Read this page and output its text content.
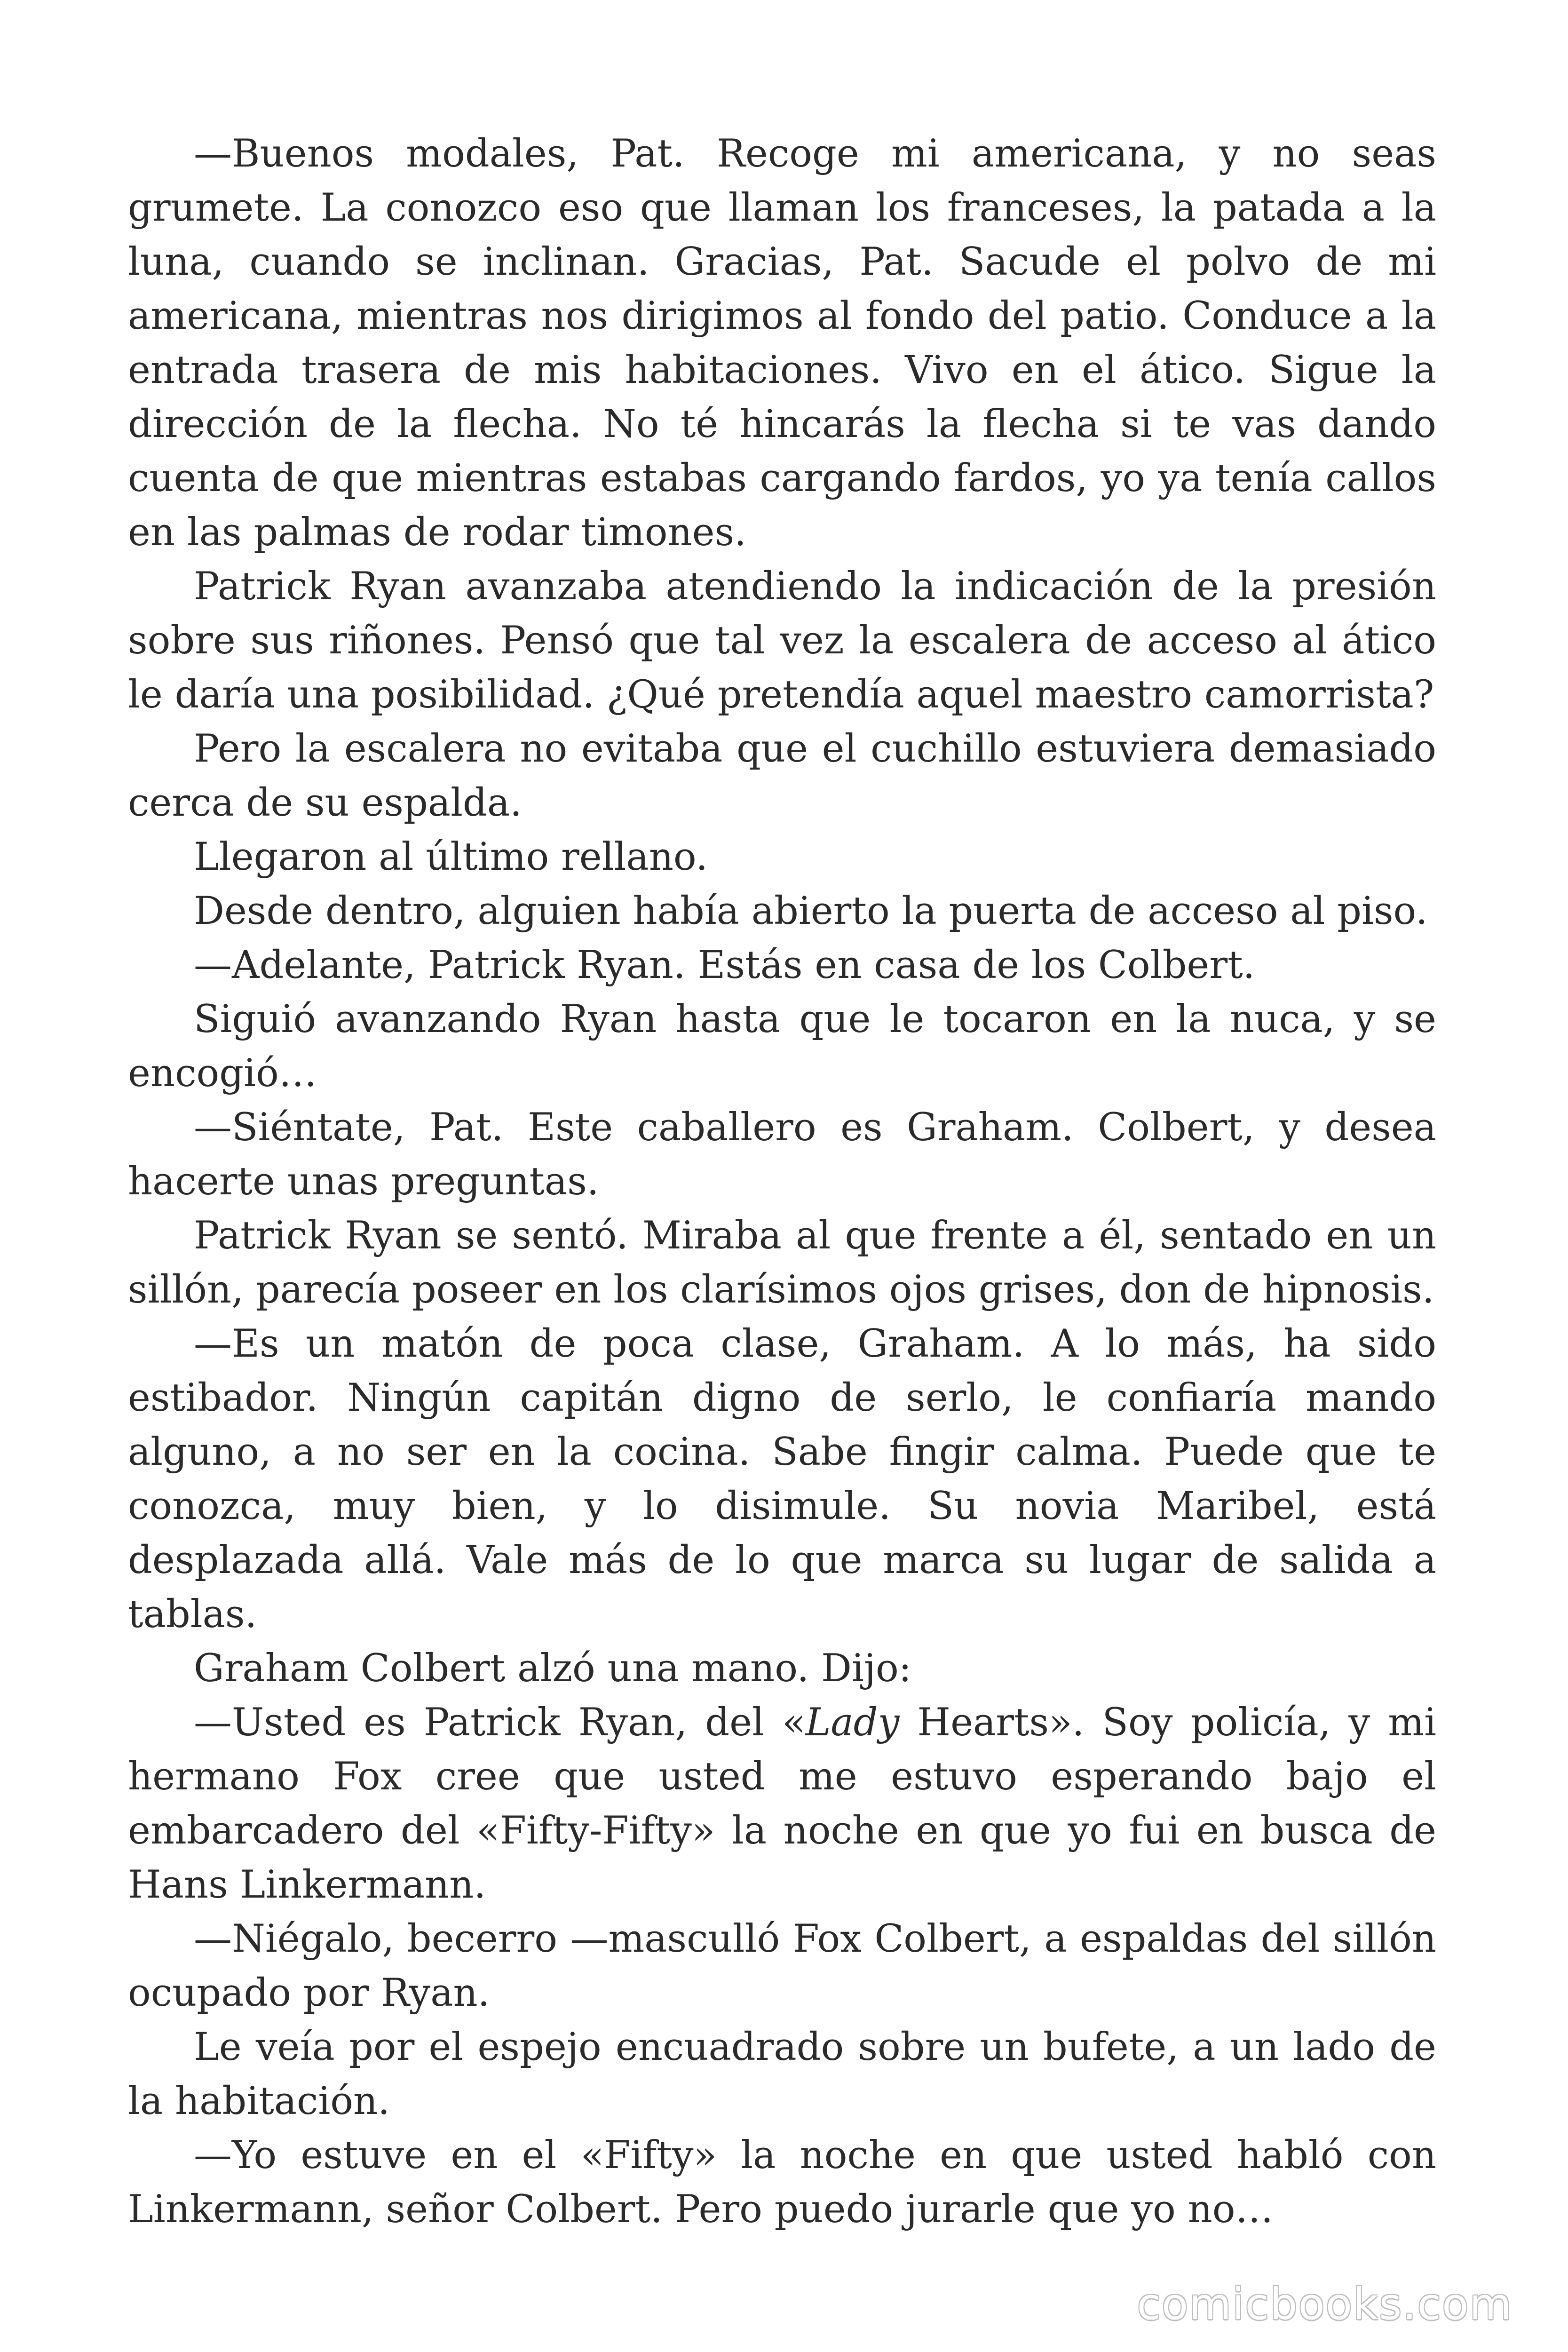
—Buenos modales, Pat. Recoge mi americana, y no seas grumete. La conozco eso que llaman los franceses, la patada a la luna, cuando se inclinan. Gracias, Pat. Sacude el polvo de mi americana, mientras nos dirigimos al fondo del patio. Conduce a la entrada trasera de mis habitaciones. Vivo en el ático. Sigue la dirección de la flecha. No té hincarás la flecha si te vas dando cuenta de que mientras estabas cargando fardos, yo ya tenía callos en las palmas de rodar timones.

Patrick Ryan avanzaba atendiendo la indicación de la presión sobre sus riñones. Pensó que tal vez la escalera de acceso al ático le daría una posibilidad. ¿Qué pretendía aquel maestro camorrista?

Pero la escalera no evitaba que el cuchillo estuviera demasiado cerca de su espalda.

Llegaron al último rellano.

Desde dentro, alguien había abierto la puerta de acceso al piso.

—Adelante, Patrick Ryan. Estás en casa de los Colbert.

Siguió avanzando Ryan hasta que le tocaron en la nuca, y se encogió…

—Siéntate, Pat. Este caballero es Graham. Colbert, y desea hacerte unas preguntas.

Patrick Ryan se sentó. Miraba al que frente a él, sentado en un sillón, parecía poseer en los clarísimos ojos grises, don de hipnosis.

—Es un matón de poca clase, Graham. A lo más, ha sido estibador. Ningún capitán digno de serlo, le confiaría mando alguno, a no ser en la cocina. Sabe fingir calma. Puede que te conozca, muy bien, y lo disimule. Su novia Maribel, está desplazada allá. Vale más de lo que marca su lugar de salida a tablas.

Graham Colbert alzó una mano. Dijo:

—Usted es Patrick Ryan, del «Lady Hearts». Soy policía, y mi hermano Fox cree que usted me estuvo esperando bajo el embarcadero del «Fifty-Fifty» la noche en que yo fui en busca de Hans Linkermann.

—Niégalo, becerro —masculló Fox Colbert, a espaldas del sillón ocupado por Ryan.

Le veía por el espejo encuadrado sobre un bufete, a un lado de la habitación.

—Yo estuve en el «Fifty» la noche en que usted habló con Linkermann, señor Colbert. Pero puedo jurarle que yo no…

comicbooks.com
